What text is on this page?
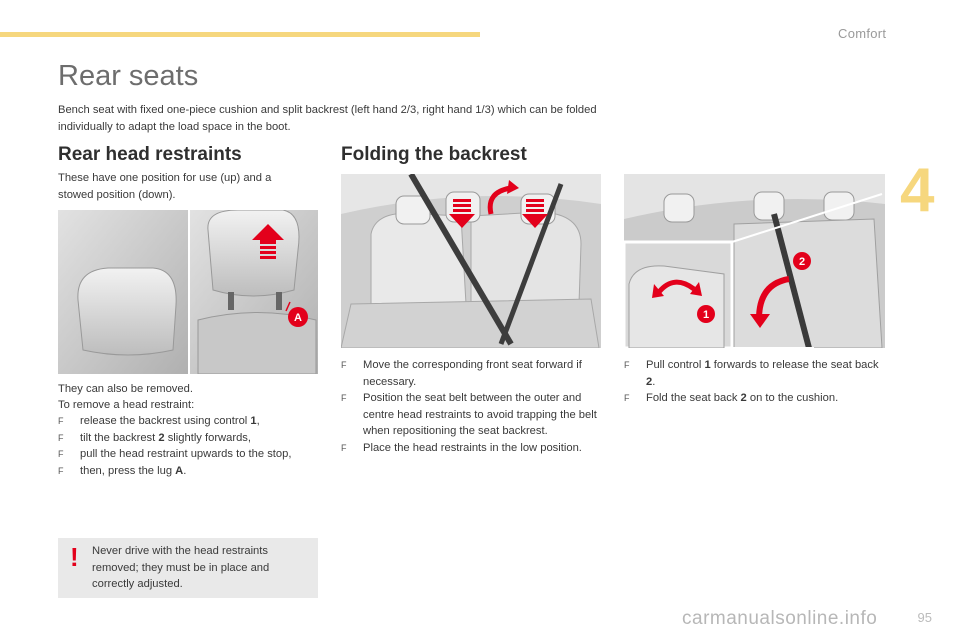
Comfort
4
Rear seats

Bench seat with fixed one-piece cushion and split backrest (left hand 2/3, right hand 1/3) which can be folded individually to adapt the load space in the boot.

Rear head restraints

These have one position for use (up) and a stowed position (down).

A

They can also be removed.

To remove a head restraint:

F release the backrest using control 1,
F tilt the backrest 2 slightly forwards,
F pull the head restraint upwards to the stop,
F then, press the lug A.
! Never drive with the head restraints removed; they must be in place and correctly adjusted.
Folding the backrest
1
2
F Move the corresponding front seat forward if necessary.
F Position the seat belt between the outer and centre head restraints to avoid trapping the belt when repositioning the seat backrest.
F Place the head restraints in the low position.
F Pull control 1 forwards to release the seat back 2.
F Fold the seat back 2 on to the cushion.
carmanualsonline.info	95
